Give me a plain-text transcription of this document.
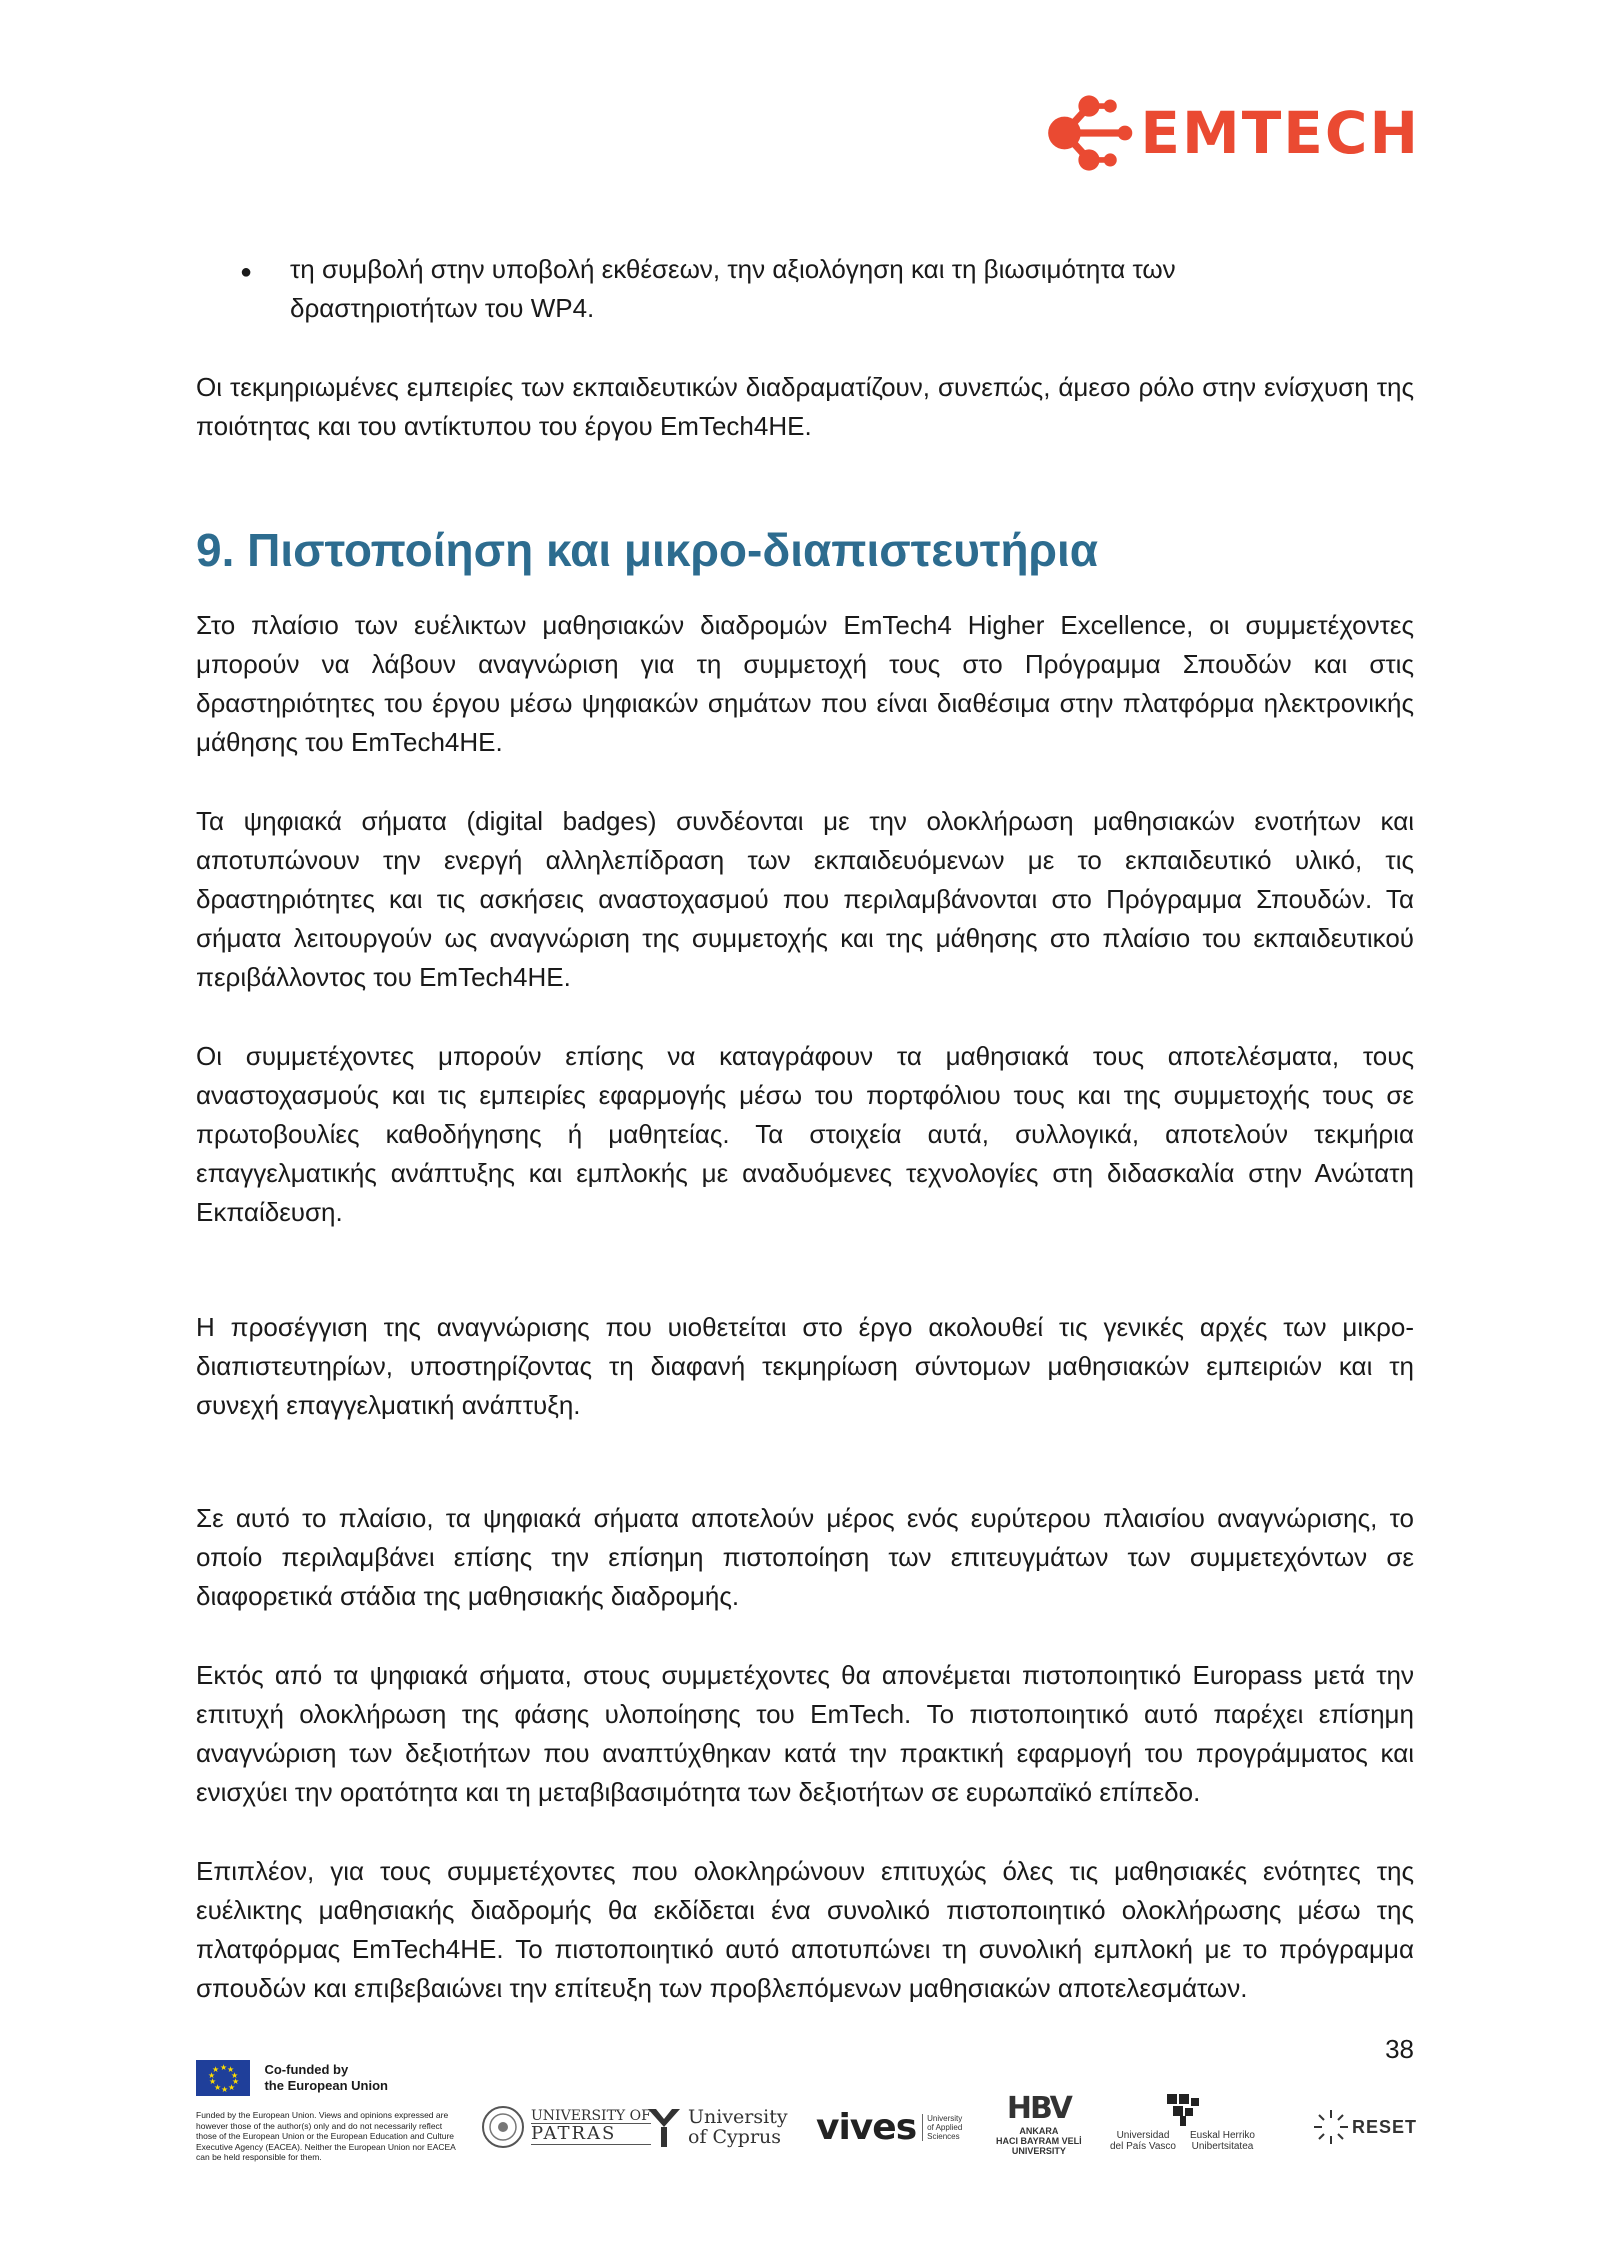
EMTECH
●
τη συμβολή στην υποβολή εκθέσεων, την αξιολόγηση και τη βιωσιμότητα των δραστηριοτήτων του WP4.

Οι τεκμηριωμένες εμπειρίες των εκπαιδευτικών διαδραματίζουν, συνεπώς, άμεσο ρόλο στην ενίσχυση της ποιότητας και του αντίκτυπου του έργου EmTech4HE.

9. Πιστοποίηση και μικρο-διαπιστευτήρια

Στο πλαίσιο των ευέλικτων μαθησιακών διαδρομών EmTech4 Higher Excellence, οι συμμετέχοντες μπορούν να λάβουν αναγνώριση για τη συμμετοχή τους στο Πρόγραμμα Σπουδών και στις δραστηριότητες του έργου μέσω ψηφιακών σημάτων που είναι διαθέσιμα στην πλατφόρμα ηλεκτρονικής μάθησης του EmTech4HE.

Τα ψηφιακά σήματα (digital badges) συνδέονται με την ολοκλήρωση μαθησιακών ενοτήτων και αποτυπώνουν την ενεργή αλληλεπίδραση των εκπαιδευόμενων με το εκπαιδευτικό υλικό, τις δραστηριότητες και τις ασκήσεις αναστοχασμού που περιλαμβάνονται στο Πρόγραμμα Σπουδών. Τα σήματα λειτουργούν ως αναγνώριση της συμμετοχής και της μάθησης στο πλαίσιο του εκπαιδευτικού περιβάλλοντος του EmTech4HE.

Οι συμμετέχοντες μπορούν επίσης να καταγράφουν τα μαθησιακά τους αποτελέσματα, τους αναστοχασμούς και τις εμπειρίες εφαρμογής μέσω του πορτφόλιου τους και της συμμετοχής τους σε πρωτοβουλίες καθοδήγησης ή μαθητείας. Τα στοιχεία αυτά, συλλογικά, αποτελούν τεκμήρια επαγγελματικής ανάπτυξης και εμπλοκής με αναδυόμενες τεχνολογίες στη διδασκαλία στην Ανώτατη Εκπαίδευση.

Η προσέγγιση της αναγνώρισης που υιοθετείται στο έργο ακολουθεί τις γενικές αρχές των μικρο-διαπιστευτηρίων, υποστηρίζοντας τη διαφανή τεκμηρίωση σύντομων μαθησιακών εμπειριών και τη συνεχή επαγγελματική ανάπτυξη.

Σε αυτό το πλαίσιο, τα ψηφιακά σήματα αποτελούν μέρος ενός ευρύτερου πλαισίου αναγνώρισης, το οποίο περιλαμβάνει επίσης την επίσημη πιστοποίηση των επιτευγμάτων των συμμετεχόντων σε διαφορετικά στάδια της μαθησιακής διαδρομής.

Εκτός από τα ψηφιακά σήματα, στους συμμετέχοντες θα απονέμεται πιστοποιητικό Europass μετά την επιτυχή ολοκλήρωση της φάσης υλοποίησης του EmTech. Το πιστοποιητικό αυτό παρέχει επίσημη αναγνώριση των δεξιοτήτων που αναπτύχθηκαν κατά την πρακτική εφαρμογή του προγράμματος και ενισχύει την ορατότητα και τη μεταβιβασιμότητα των δεξιοτήτων σε ευρωπαϊκό επίπεδο.

Επιπλέον, για τους συμμετέχοντες που ολοκληρώνουν επιτυχώς όλες τις μαθησιακές ενότητες της ευέλικτης μαθησιακής διαδρομής θα εκδίδεται ένα συνολικό πιστοποιητικό ολοκλήρωσης μέσω της πλατφόρμας EmTech4HE. Το πιστοποιητικό αυτό αποτυπώνει τη συνολική εμπλοκή με το πρόγραμμα σπουδών και επιβεβαιώνει την επίτευξη των προβλεπόμενων μαθησιακών αποτελεσμάτων.

38
★ ★
★
★
★
★
★
★
★
★
	Co-funded by
the European Union
Funded by the European Union. Views and opinions expressed are however those of the author(s) only and do not necessarily reflect those of the European Union or the European Education and Culture Executive Agency (EACEA). Neither the European Union nor EACEA can be held responsible for them.
UNIVERSITY OF
PATRAS
University
of Cyprus vives University
of Applied
Sciences
HBV
ANKARA
HACI BAYRAM VELİ
UNIVERSITY
Universidad
del País Vasco
Euskal Herriko
Unibertsitatea
RESET
